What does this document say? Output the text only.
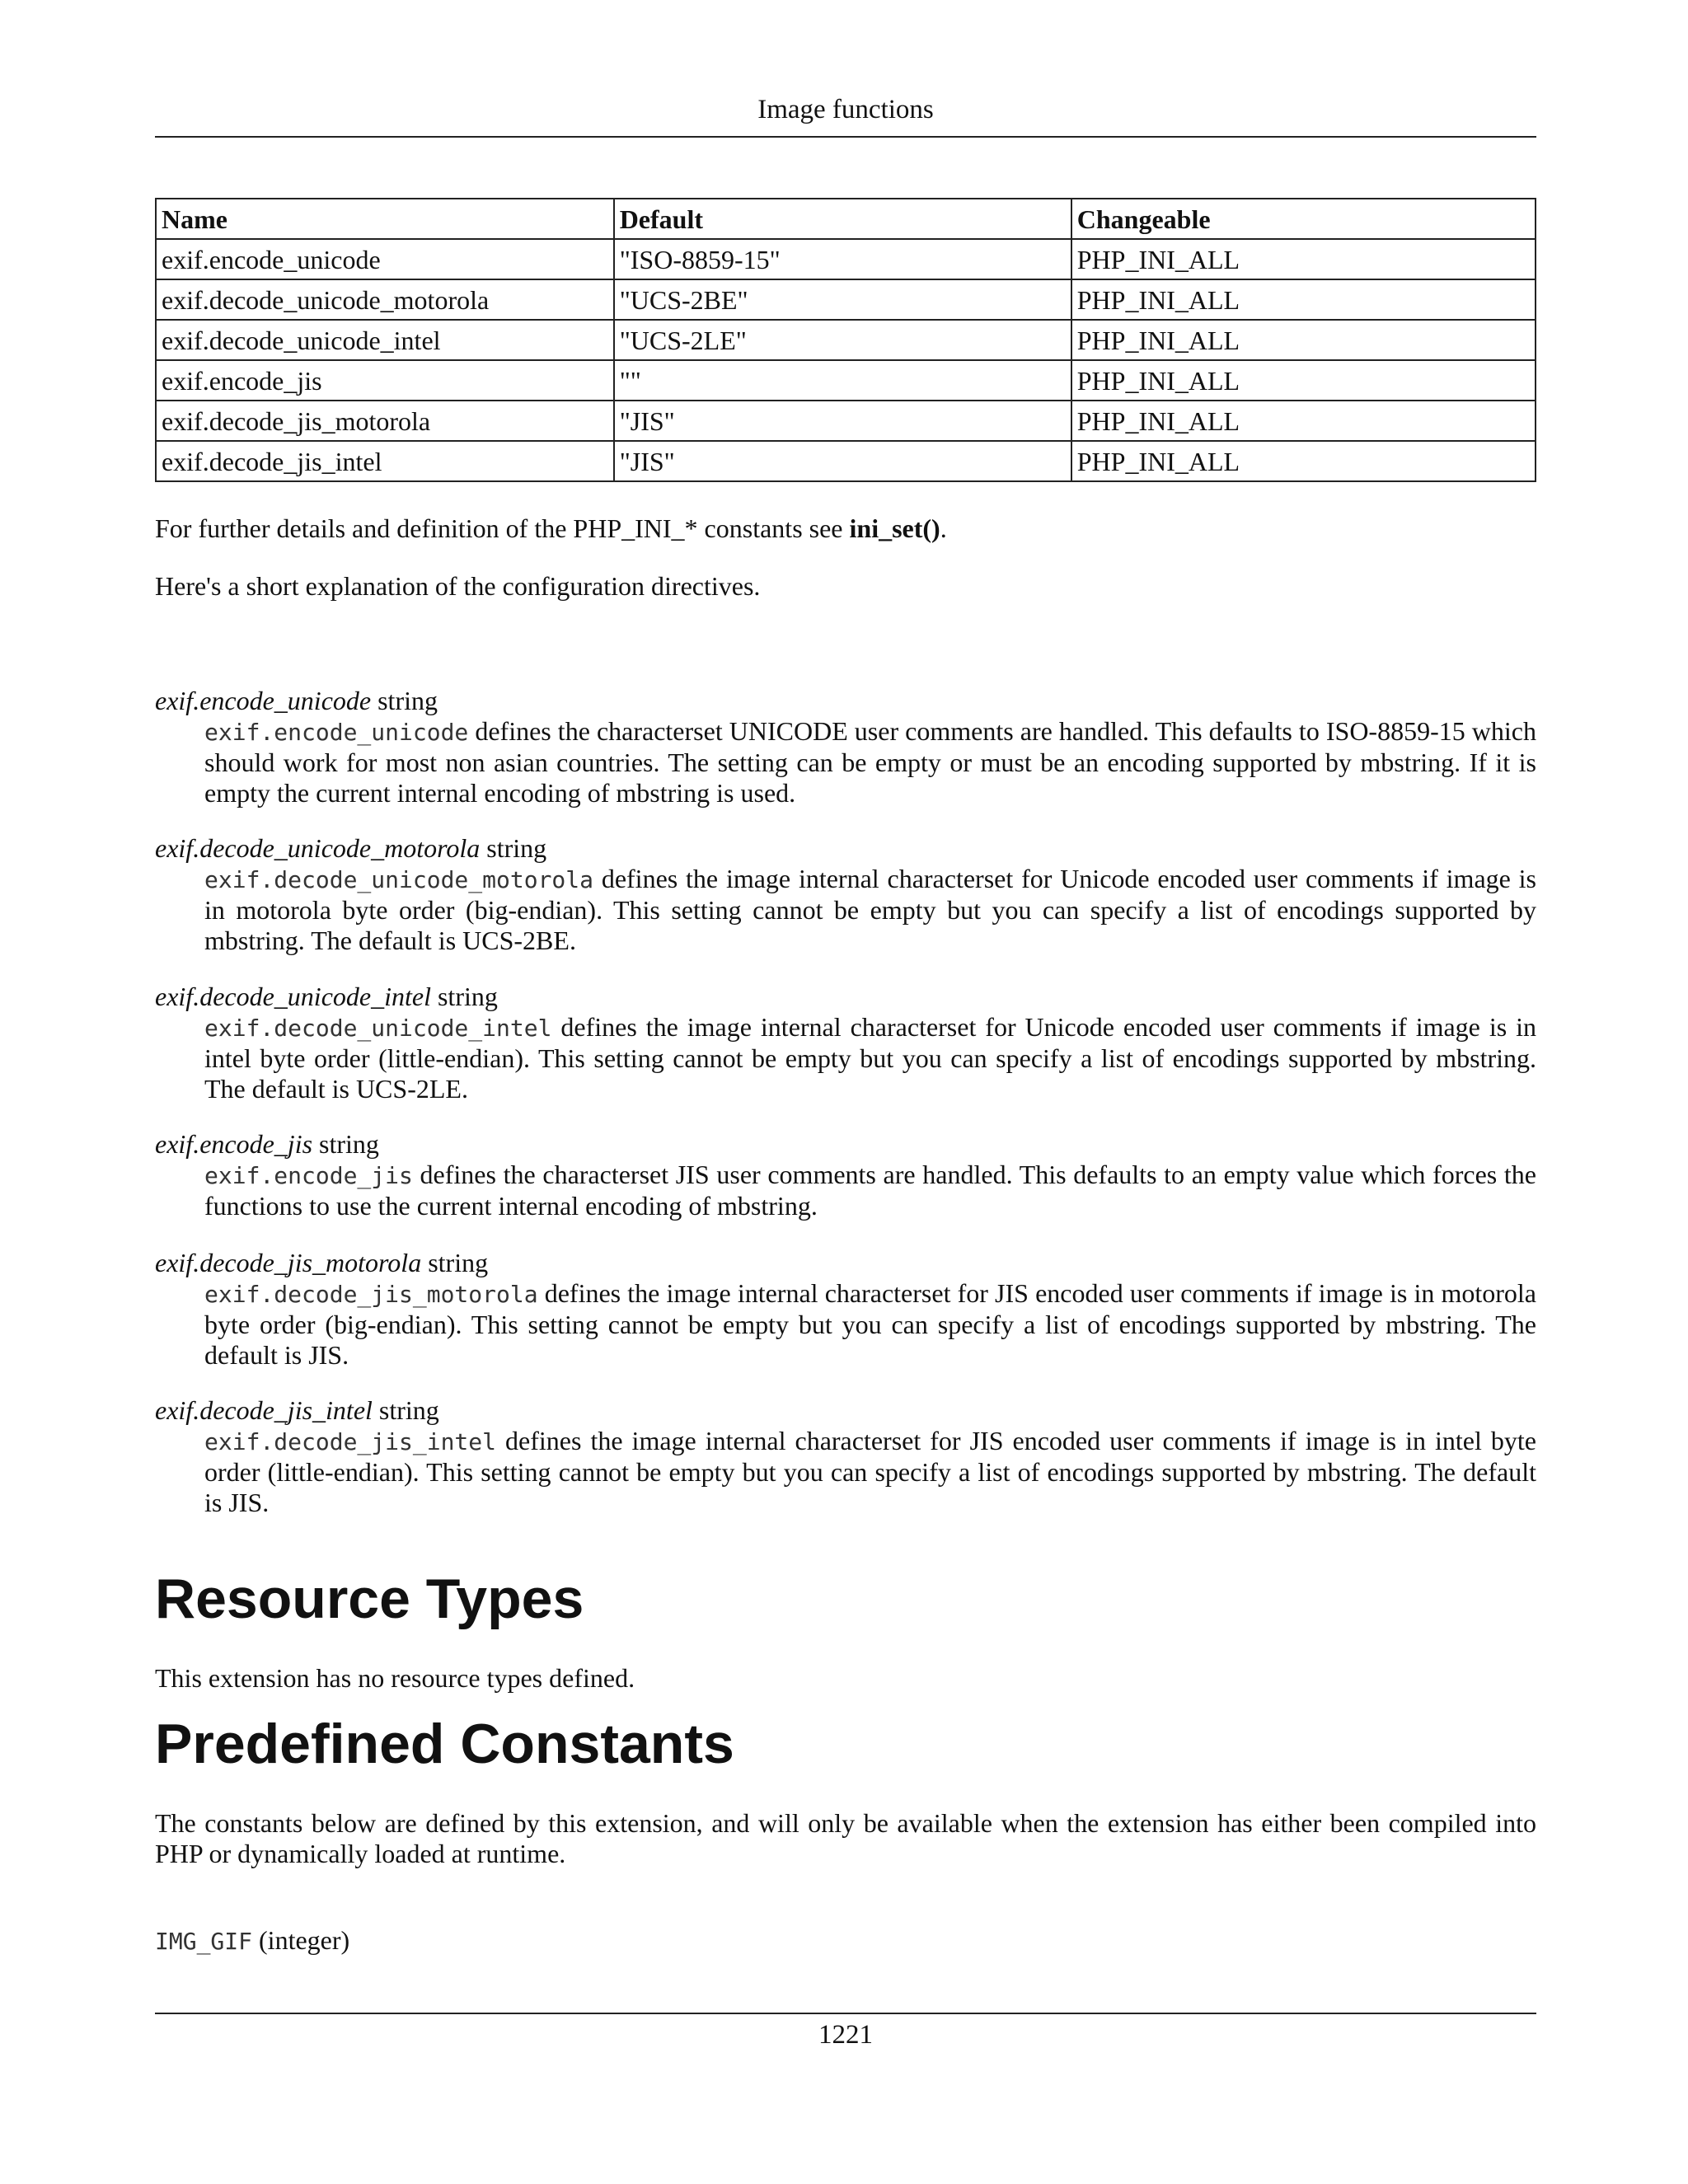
Image functions
Name	Default	Changeable
exif.encode_unicode	"ISO-8859-15"	PHP_INI_ALL
exif.decode_unicode_motorola	"UCS-2BE"	PHP_INI_ALL
exif.decode_unicode_intel	"UCS-2LE"	PHP_INI_ALL
exif.encode_jis	""	PHP_INI_ALL
exif.decode_jis_motorola	"JIS"	PHP_INI_ALL
exif.decode_jis_intel	"JIS"	PHP_INI_ALL

For further details and definition of the PHP_INI_* constants see ini_set().

Here's a short explanation of the configuration directives.

exif.encode_unicode string
exif.encode_unicode defines the characterset UNICODE user comments are handled. This defaults to ISO-8859-15 which should work for most non asian countries. The setting can be empty or must be an encoding supported by mbstring. If it is empty the current internal encoding of mbstring is used.
exif.decode_unicode_motorola string
exif.decode_unicode_motorola defines the image internal characterset for Unicode encoded user comments if image is in motorola byte order (big-endian). This setting cannot be empty but you can specify a list of encodings supported by mbstring. The default is UCS-2BE.
exif.decode_unicode_intel string
exif.decode_unicode_intel defines the image internal characterset for Unicode encoded user comments if image is in intel byte order (little-endian). This setting cannot be empty but you can specify a list of encodings supported by mbstring. The default is UCS-2LE.
exif.encode_jis string
exif.encode_jis defines the characterset JIS user comments are handled. This defaults to an empty value which forces the functions to use the current internal encoding of mbstring.
exif.decode_jis_motorola string
exif.decode_jis_motorola defines the image internal characterset for JIS encoded user comments if image is in motorola byte order (big-endian). This setting cannot be empty but you can specify a list of encodings supported by mbstring. The default is JIS.
exif.decode_jis_intel string
exif.decode_jis_intel defines the image internal characterset for JIS encoded user comments if image is in intel byte order (little-endian). This setting cannot be empty but you can specify a list of encodings supported by mbstring. The default is JIS.
Resource Types

This extension has no resource types defined.

Predefined Constants

The constants below are defined by this extension, and will only be available when the extension has either been compiled into PHP or dynamically loaded at runtime.

IMG_GIF (integer)
1221
